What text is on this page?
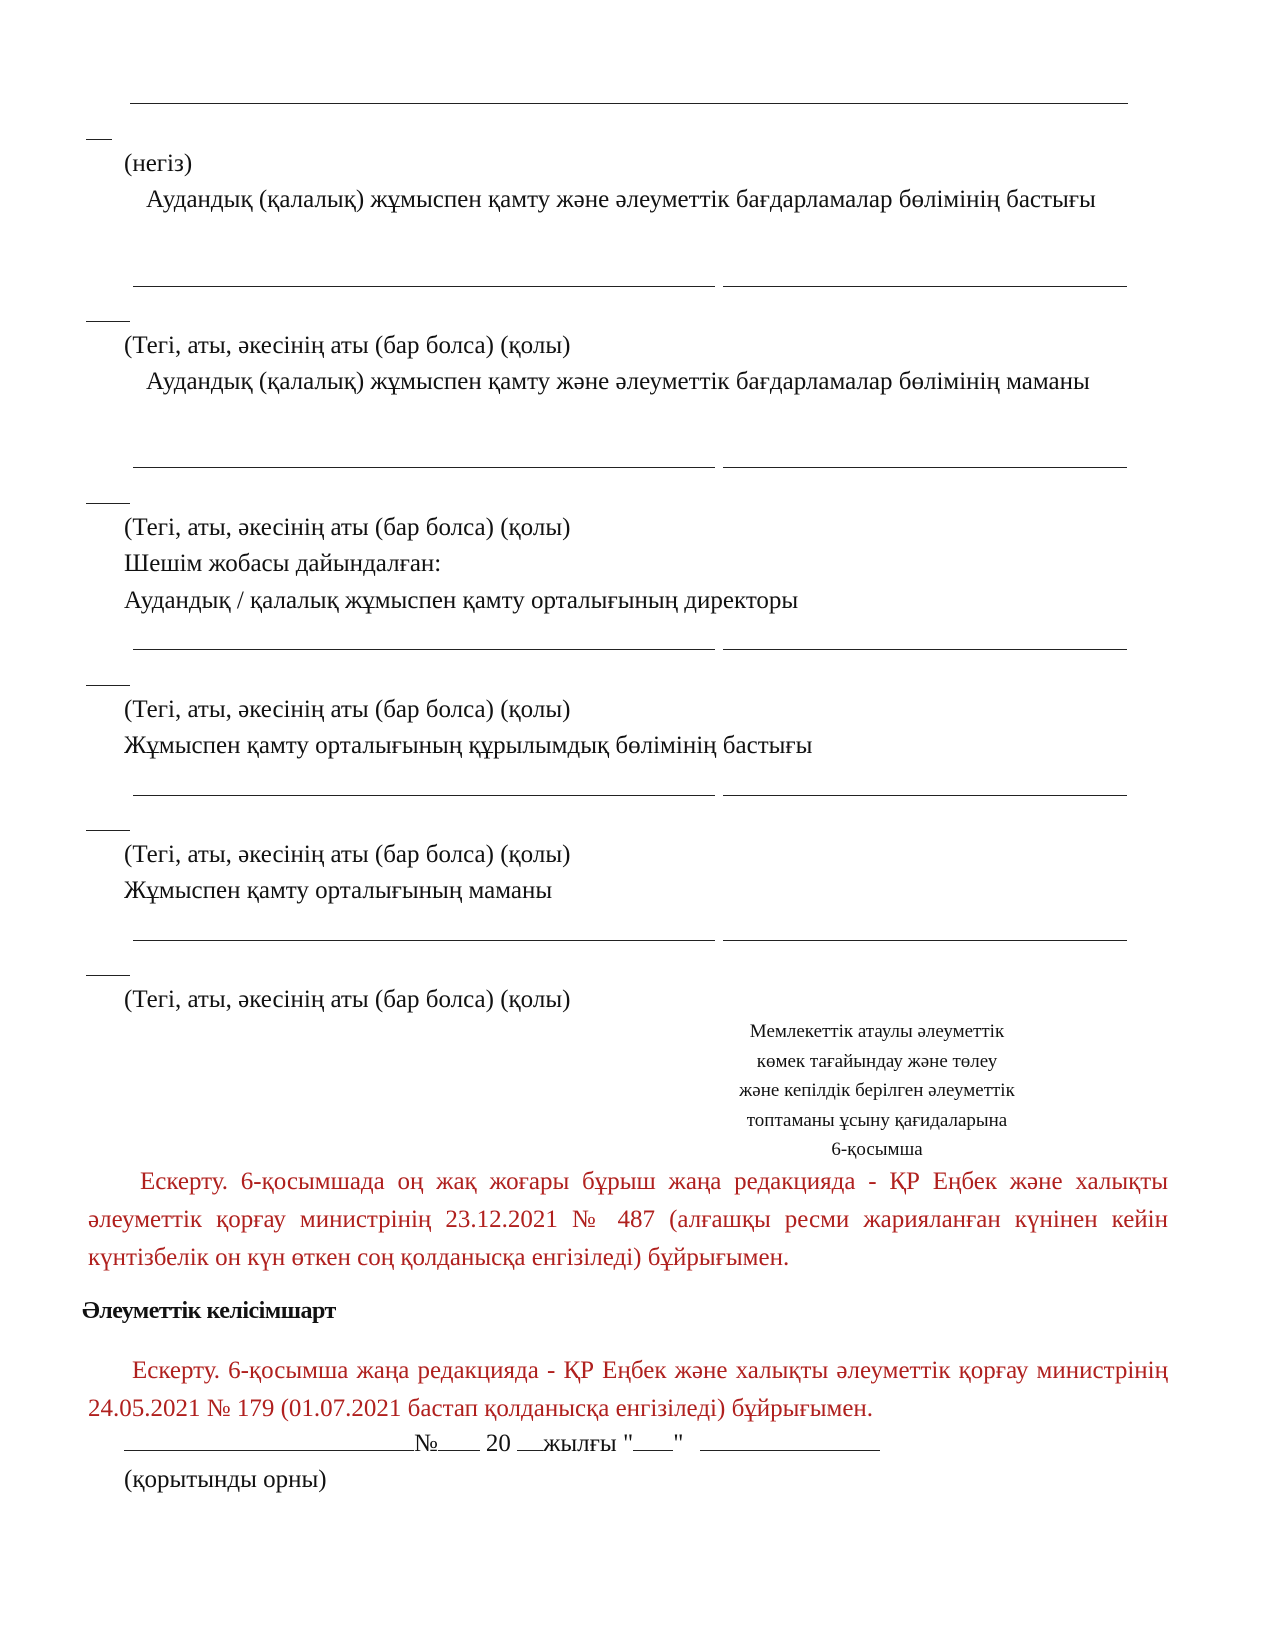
(негіз)
Аудандық (қалалық) жұмыспен қамту және әлеуметтік бағдарламалар бөлімінің бастығы
(Тегі, аты, әкесінің аты (бар болса) (қолы)
Аудандық (қалалық) жұмыспен қамту және әлеуметтік бағдарламалар бөлімінің маманы
(Тегі, аты, әкесінің аты (бар болса) (қолы)
Шешім жобасы дайындалған:
Аудандық / қалалық жұмыспен қамту орталығының директоры
(Тегі, аты, әкесінің аты (бар болса) (қолы)
Жұмыспен қамту орталығының құрылымдық бөлімінің бастығы
(Тегі, аты, әкесінің аты (бар болса) (қолы)
Жұмыспен қамту орталығының маманы
(Тегі, аты, әкесінің аты (бар болса) (қолы)
Мемлекеттік атаулы әлеуметтік
көмек тағайындау және төлеу
және кепілдік берілген әлеуметтік
топтаманы ұсыну қағидаларына
6-қосымша
Ескерту. 6-қосымшада оң жақ жоғары бұрыш жаңа редакцияда - ҚР Еңбек және халықты әлеуметтік қорғау министрінің 23.12.2021 № 487 (алғашқы ресми жарияланған күнінен кейін күнтізбелік он күн өткен соң қолданысқа енгізіледі) бұйрығымен.
Әлеуметтік келісімшарт
Ескерту. 6-қосымша жаңа редакцияда - ҚР Еңбек және халықты әлеуметтік қорғау министрінің 24.05.2021 № 179 (01.07.2021 бастап қолданысқа енгізіледі) бұйрығымен.
№ 20 жылғы " "
(қорытынды орны)
